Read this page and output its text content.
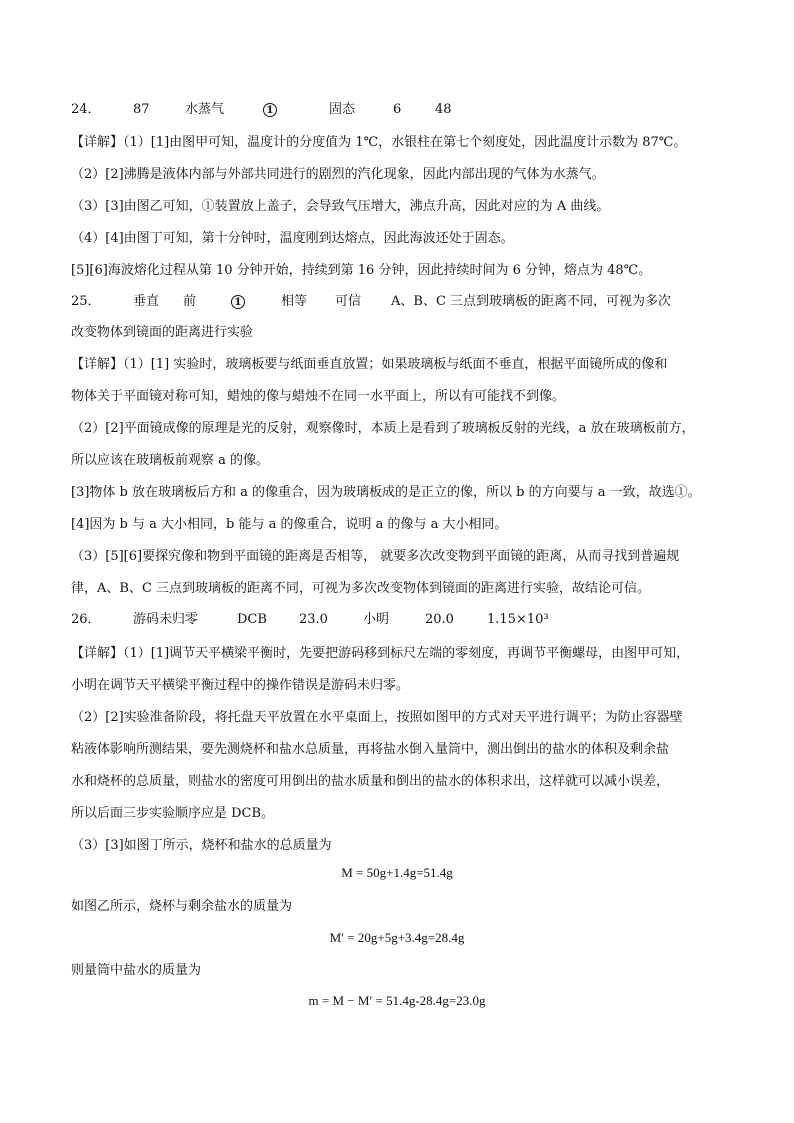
24．	87	水蒸气	1	固态	6	48
【详解】（1）[1]由图甲可知，温度计的分度值为 1℃，水银柱在第七个刻度处，因此温度计示数为 87℃。
（2）[2]沸腾是液体内部与外部共同进行的剧烈的汽化现象，因此内部出现的气体为水蒸气。
（3）[3]由图乙可知，①装置放上盖子，会导致气压增大，沸点升高，因此对应的为 A 曲线。
（4）[4]由图丁可知，第十分钟时，温度刚到达熔点，因此海波还处于固态。
[5][6]海波熔化过程从第 10 分钟开始，持续到第 16 分钟，因此持续时间为 6 分钟，熔点为 48℃。
25．	垂直	前	1	相等	可信	A、B、C 三点到玻璃板的距离不同，可视为多次
改变物体到镜面的距离进行实验
【详解】（1）[1] 实验时，玻璃板要与纸面垂直放置；如果玻璃板与纸面不垂直，根据平面镜所成的像和
物体关于平面镜对称可知，蜡烛的像与蜡烛不在同一水平面上，所以有可能找不到像。
（2）[2]平面镜成像的原理是光的反射，观察像时，本质上是看到了玻璃板反射的光线，a 放在玻璃板前方，
所以应该在玻璃板前观察 a 的像。
[3]物体 b 放在玻璃板后方和 a 的像重合，因为玻璃板成的是正立的像，所以 b 的方向要与 a 一致，故选①。
[4]因为 b 与 a 大小相同，b 能与 a 的像重合，说明 a 的像与 a 大小相同。
（3）[5][6]要探究像和物到平面镜的距离是否相等， 就要多次改变物到平面镜的距离，从而寻找到普遍规
律，A、B、C 三点到玻璃板的距离不同，可视为多次改变物体到镜面的距离进行实验，故结论可信。
26．	游码未归零	DCB	23.0	小明	20.0	1.15×10³
【详解】（1）[1]调节天平横梁平衡时，先要把游码移到标尺左端的零刻度，再调节平衡螺母，由图甲可知，
小明在调节天平横梁平衡过程中的操作错误是游码未归零。
（2）[2]实验准备阶段，将托盘天平放置在水平桌面上，按照如图甲的方式对天平进行调平；为防止容器壁
粘液体影响所测结果，要先测烧杯和盐水总质量，再将盐水倒入量筒中，测出倒出的盐水的体积及剩余盐
水和烧杯的总质量，则盐水的密度可用倒出的盐水质量和倒出的盐水的体积求出，这样就可以减小误差，
所以后面三步实验顺序应是 DCB。
（3）[3]如图丁所示，烧杯和盐水的总质量为
M = 50g+1.4g=51.4g
如图乙所示，烧杯与剩余盐水的质量为
M′ = 20g+5g+3.4g=28.4g
则量筒中盐水的质量为
m = M − M′ = 51.4g-28.4g=23.0g
